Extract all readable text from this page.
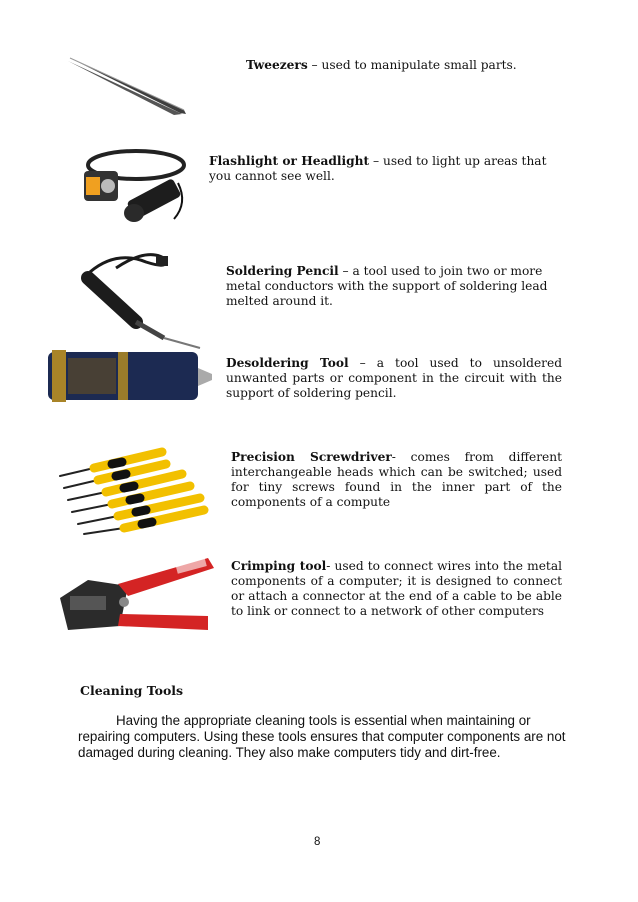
Tweezers – used to manipulate small parts.
Flashlight or Headlight – used to light up areas that you cannot see well.
Soldering Pencil – a tool used to join two or more metal conductors with the support of soldering lead melted around it.
Desoldering Tool – a tool used to unsoldered unwanted parts or component in the circuit with the support of soldering pencil.
Precision Screwdriver- comes from different interchangeable heads which can be switched; used for tiny screws found in the inner part of the components of a compute
Crimping tool- used to connect wires into the metal components of a computer; it is designed to connect or attach a connector at the end of a cable to be able to link or connect to a network of other computers
Cleaning Tools
Having the appropriate cleaning tools is essential when maintaining or repairing computers. Using these tools ensures that computer components are not damaged during cleaning. They also make computers tidy and dirt-free.
8
